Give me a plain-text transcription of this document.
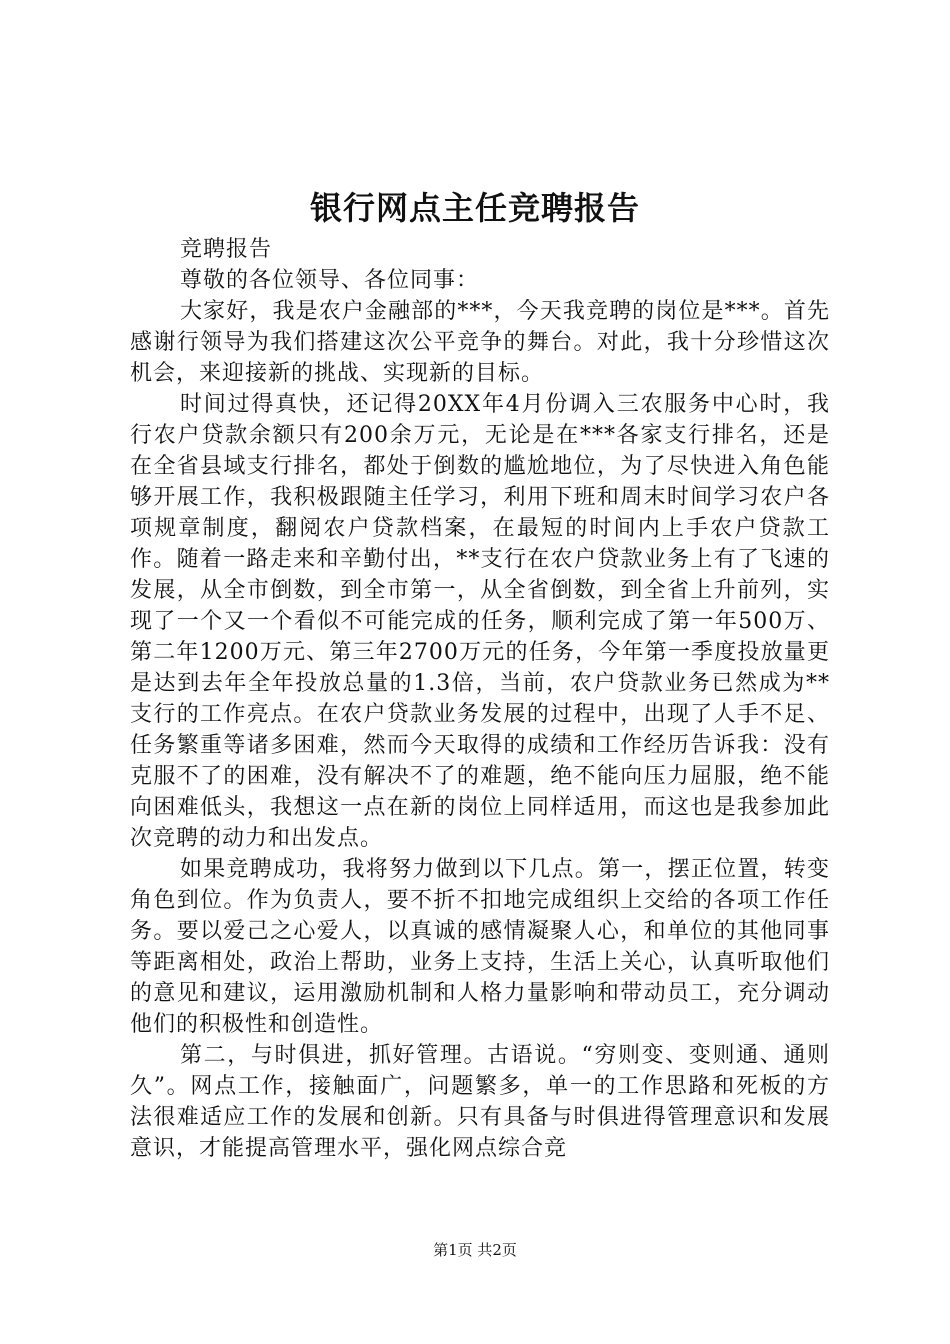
银行网点主任竞聘报告

竞聘报告

尊敬的各位领导、各位同事：

大家好，我是农户金融部的***，今天我竞聘的岗位是***。首先感谢行领导为我们搭建这次公平竞争的舞台。对此，我十分珍惜这次机会，来迎接新的挑战、实现新的目标。

时间过得真快，还记得20XX年4月份调入三农服务中心时，我行农户贷款余额只有200余万元，无论是在***各家支行排名，还是在全省县域支行排名，都处于倒数的尴尬地位，为了尽快进入角色能够开展工作，我积极跟随主任学习，利用下班和周末时间学习农户各项规章制度，翻阅农户贷款档案，在最短的时间内上手农户贷款工作。随着一路走来和辛勤付出，**支行在农户贷款业务上有了飞速的发展，从全市倒数，到全市第一，从全省倒数，到全省上升前列，实现了一个又一个看似不可能完成的任务，顺利完成了第一年500万、第二年1200万元、第三年2700万元的任务，今年第一季度投放量更是达到去年全年投放总量的1.3倍，当前，农户贷款业务已然成为**支行的工作亮点。在农户贷款业务发展的过程中，出现了人手不足、任务繁重等诸多困难，然而今天取得的成绩和工作经历告诉我：没有克服不了的困难，没有解决不了的难题，绝不能向压力屈服，绝不能向困难低头，我想这一点在新的岗位上同样适用，而这也是我参加此次竞聘的动力和出发点。

如果竞聘成功，我将努力做到以下几点。第一，摆正位置，转变角色到位。作为负责人，要不折不扣地完成组织上交给的各项工作任务。要以爱己之心爱人，以真诚的感情凝聚人心，和单位的其他同事等距离相处，政治上帮助，业务上支持，生活上关心，认真听取他们的意见和建议，运用激励机制和人格力量影响和带动员工，充分调动他们的积极性和创造性。

第二，与时俱进，抓好管理。古语说。“穷则变、变则通、通则久”。网点工作，接触面广，问题繁多，单一的工作思路和死板的方法很难适应工作的发展和创新。只有具备与时俱进得管理意识和发展意识，才能提高管理水平，强化网点综合竞

第1页 共2页
